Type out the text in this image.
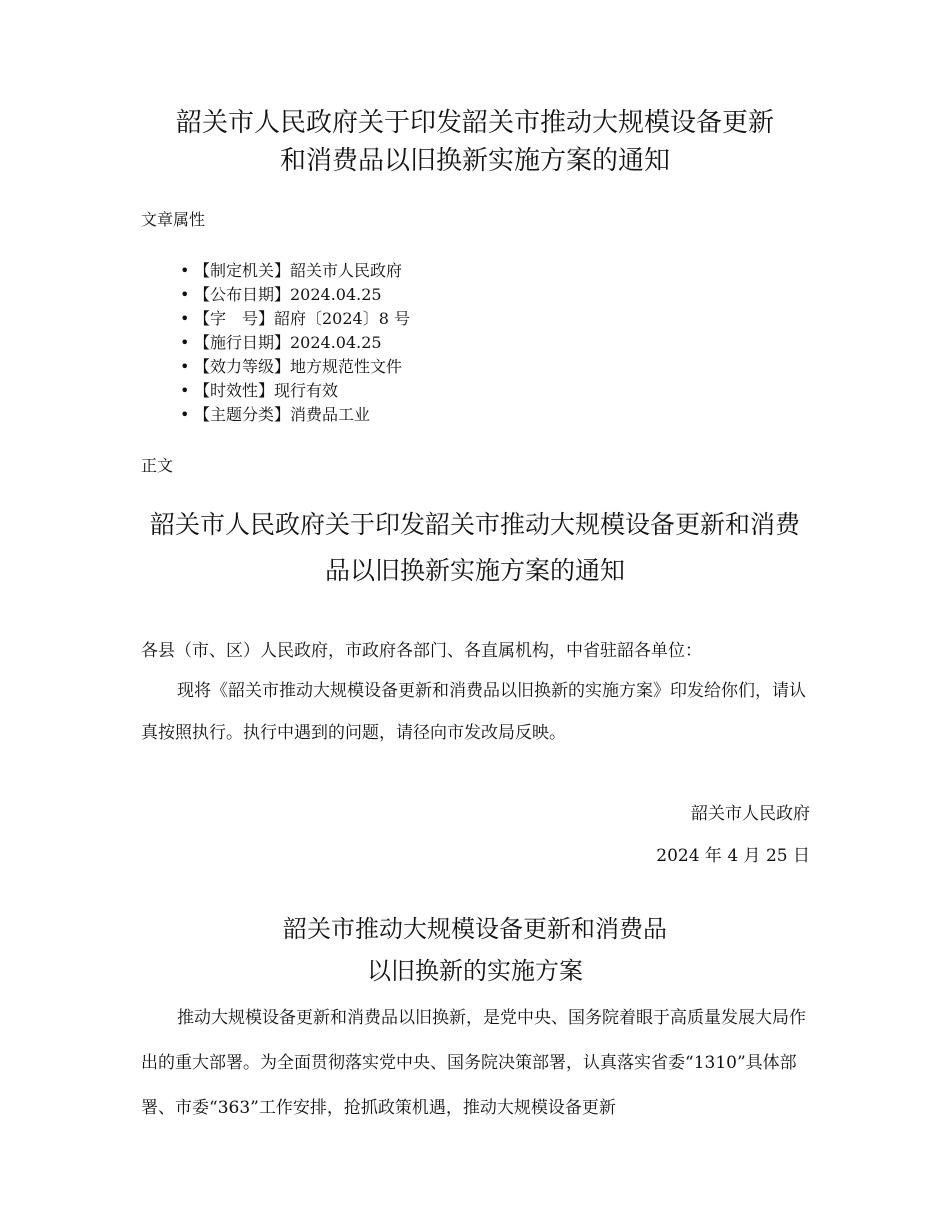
韶关市人民政府关于印发韶关市推动大规模设备更新
和消费品以旧换新实施方案的通知
文章属性
• 【制定机关】韶关市人民政府
• 【公布日期】2024.04.25
• 【字　号】韶府〔2024〕8 号
• 【施行日期】2024.04.25
• 【效力等级】地方规范性文件
• 【时效性】现行有效
• 【主题分类】消费品工业
正文
韶关市人民政府关于印发韶关市推动大规模设备更新和消费
品以旧换新实施方案的通知

各县（市、区）人民政府，市政府各部门、各直属机构，中省驻韶各单位：

现将《韶关市推动大规模设备更新和消费品以旧换新的实施方案》印发给你们，请认真按照执行。执行中遇到的问题，请径向市发改局反映。

韶关市人民政府
2024 年 4 月 25 日
韶关市推动大规模设备更新和消费品
以旧换新的实施方案

推动大规模设备更新和消费品以旧换新，是党中央、国务院着眼于高质量发展大局作出的重大部署。为全面贯彻落实党中央、国务院决策部署，认真落实省委“1310”具体部署、市委“363”工作安排，抢抓政策机遇，推动大规模设备更新
